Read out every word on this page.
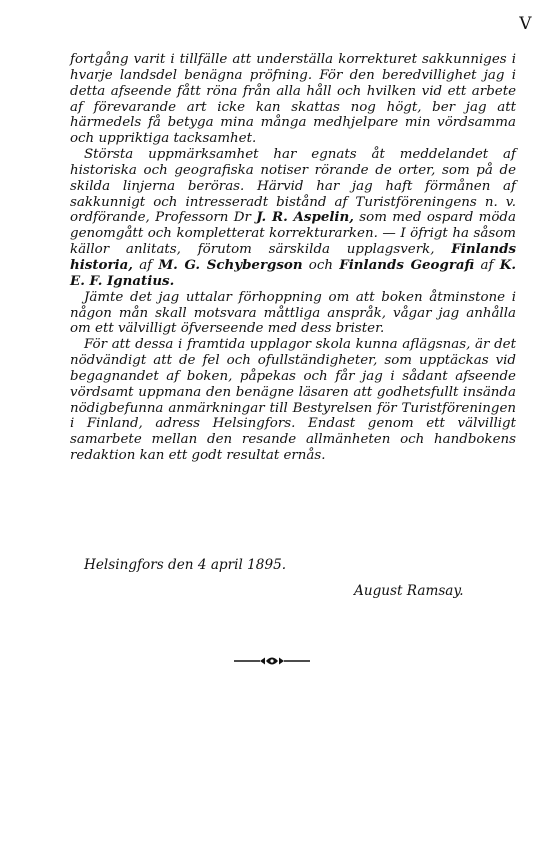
V

fortgång varit i tillfälle att underställa korrekturet sakkunniges i hvarje landsdel benägna pröfning. För den beredvillighet jag i detta afseende fått röna från alla håll och hvilken vid ett arbete af förevarande art icke kan skattas nog högt, ber jag att härmedels få betyga mina många medhjelpare min vördsamma och uppriktiga tacksamhet.

Största uppmärksamhet har egnats åt meddelandet af historiska och geografiska notiser rörande de orter, som på de skilda linjerna beröras. Härvid har jag haft förmånen af sakkunnigt och intresseradt bistånd af Turistföreningens n. v. ordförande, Professorn Dr J. R. Aspelin, som med ospard möda genomgått och kompletterat korrekturarken. — I öfrigt ha såsom källor anlitats, förutom särskilda upplagsverk, Finlands historia, af M. G. Schybergson och Finlands Geografi af K. E. F. Ignatius.

Jämte det jag uttalar förhoppning om att boken åtminstone i någon mån skall motsvara måttliga anspråk, vågar jag anhålla om ett välvilligt öfverseende med dess brister.

För att dessa i framtida upplagor skola kunna aflägsnas, är det nödvändigt att de fel och ofullständigheter, som upptäckas vid begagnandet af boken, påpekas och får jag i sådant afseende vördsamt uppmana den benägne läsaren att godhetsfullt insända nödigbefunna anmärkningar till Bestyrelsen för Turistföreningen i Finland, adress Helsingfors. Endast genom ett välvilligt samarbete mellan den resande allmänheten och handbokens redaktion kan ett godt resultat ernås.

Helsingfors den 4 april 1895.
August Ramsay.
